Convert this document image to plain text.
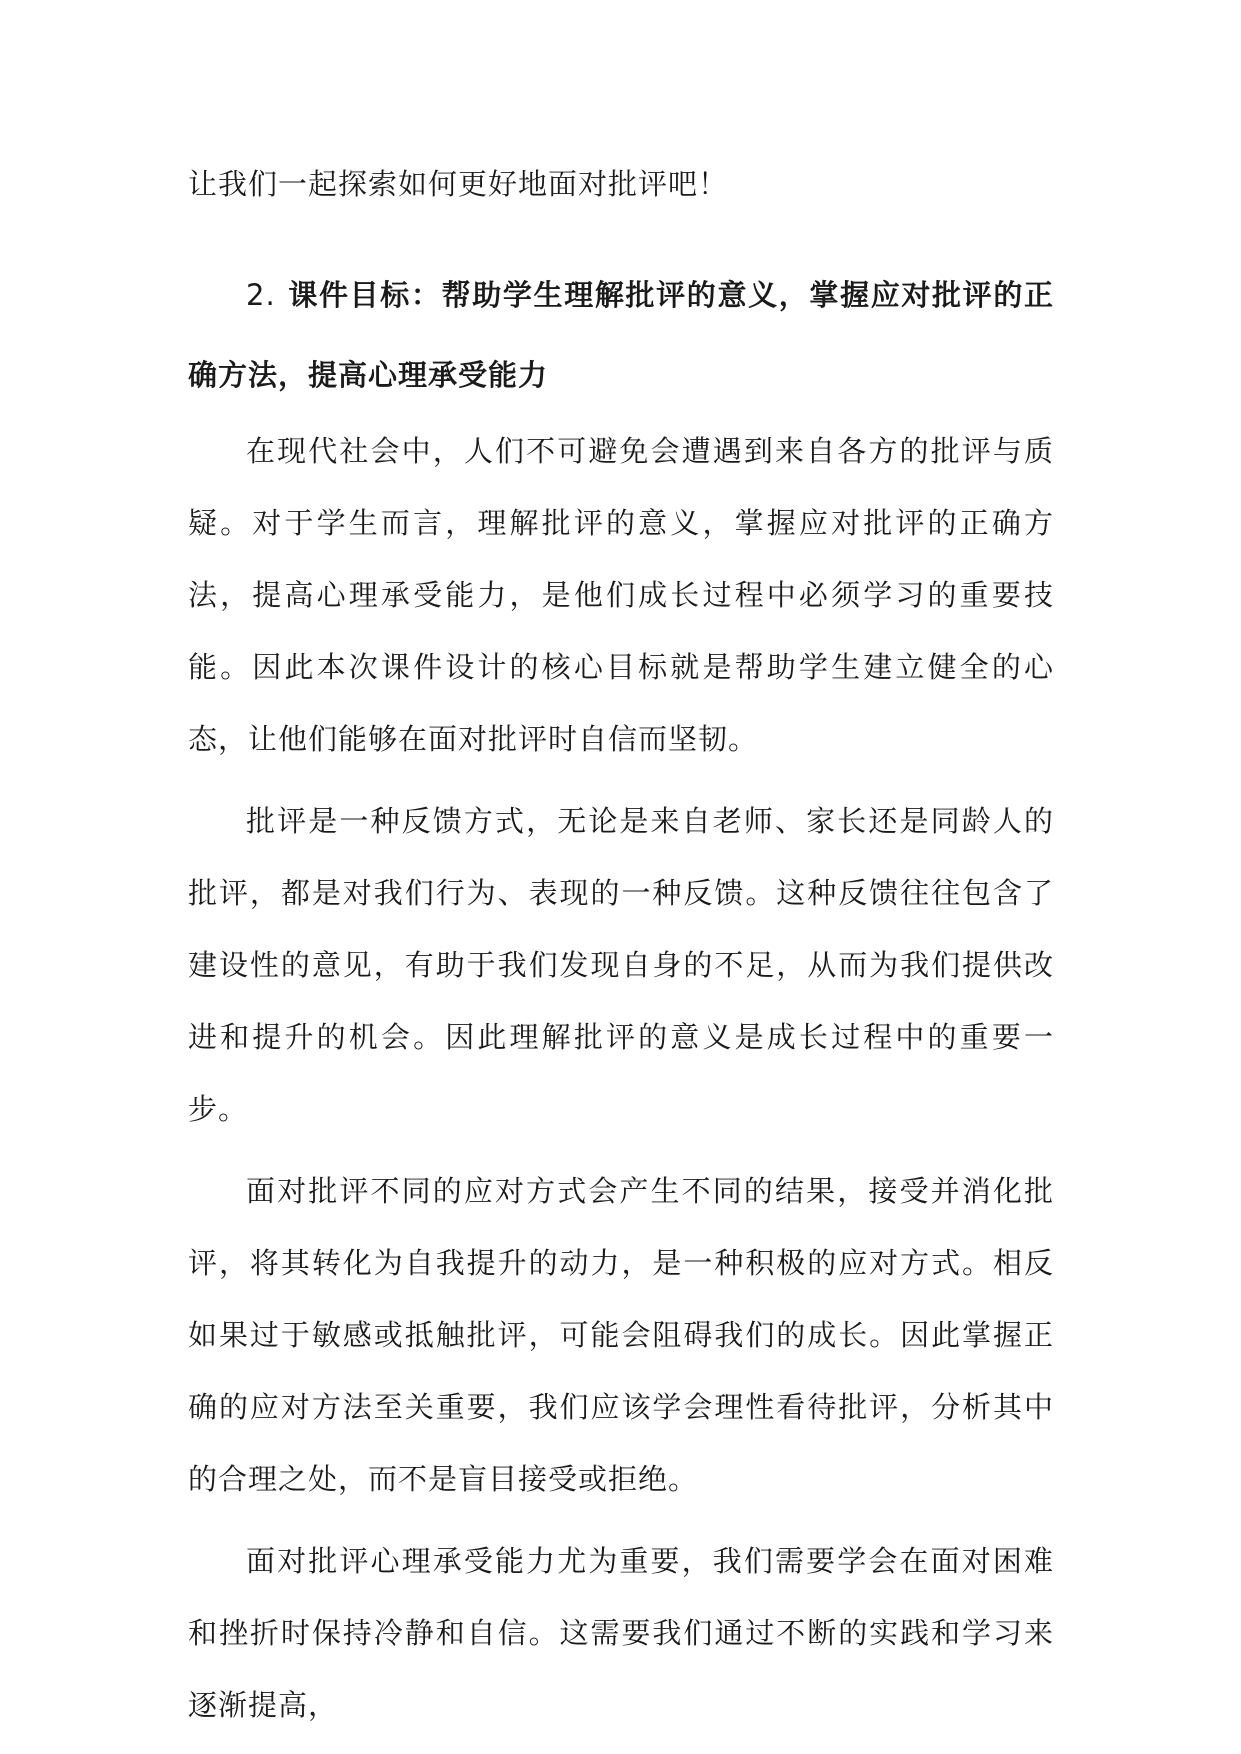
让我们一起探索如何更好地面对批评吧！

2. 课件目标：帮助学生理解批评的意义，掌握应对批评的正确方法，提高心理承受能力

在现代社会中，人们不可避免会遭遇到来自各方的批评与质疑。对于学生而言，理解批评的意义，掌握应对批评的正确方法，提高心理承受能力，是他们成长过程中必须学习的重要技能。因此本次课件设计的核心目标就是帮助学生建立健全的心态，让他们能够在面对批评时自信而坚韧。

批评是一种反馈方式，无论是来自老师、家长还是同龄人的批评，都是对我们行为、表现的一种反馈。这种反馈往往包含了建设性的意见，有助于我们发现自身的不足，从而为我们提供改进和提升的机会。因此理解批评的意义是成长过程中的重要一步。

面对批评不同的应对方式会产生不同的结果，接受并消化批评，将其转化为自我提升的动力，是一种积极的应对方式。相反如果过于敏感或抵触批评，可能会阻碍我们的成长。因此掌握正确的应对方法至关重要，我们应该学会理性看待批评，分析其中的合理之处，而不是盲目接受或拒绝。

面对批评心理承受能力尤为重要，我们需要学会在面对困难和挫折时保持冷静和自信。这需要我们通过不断的实践和学习来逐渐提高，
